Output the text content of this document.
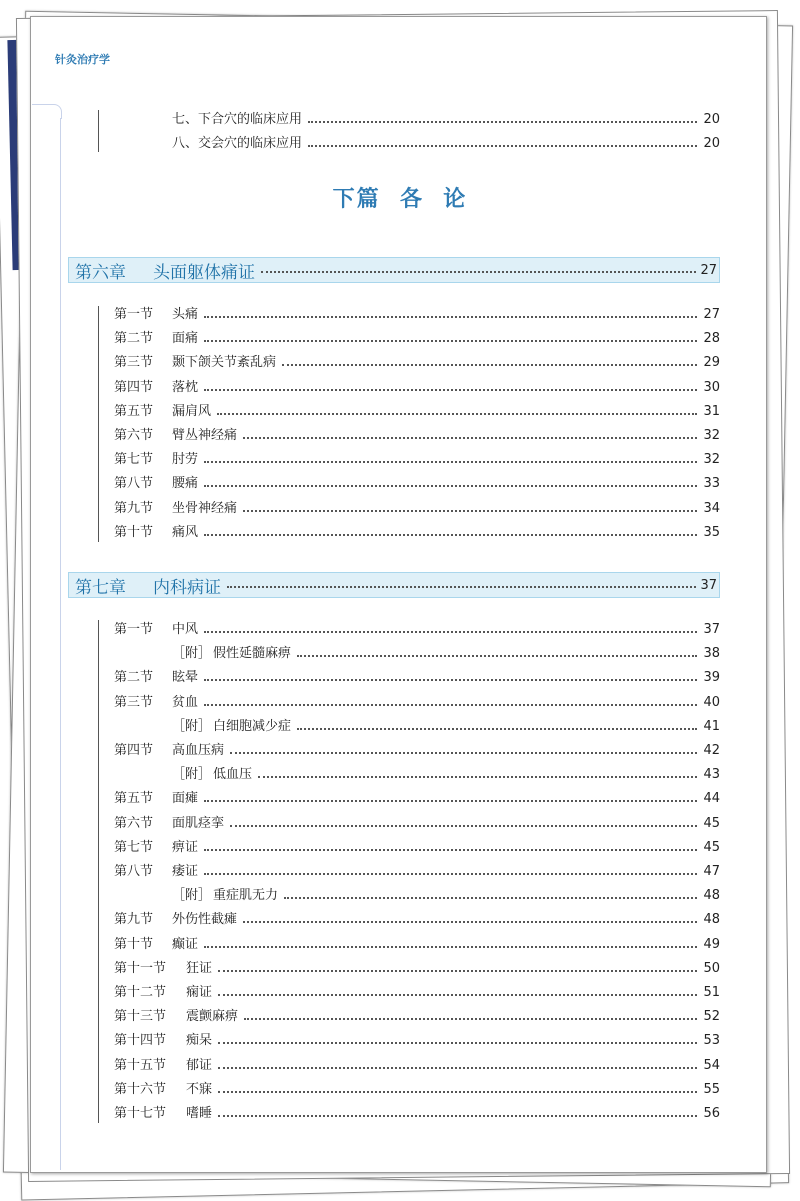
针灸治疗学
七、下合穴的临床应用	20
八、交会穴的临床应用	20
下篇  各  论
第六章	头面躯体痛证	27
第一节	头痛	27
第二节	面痛	28
第三节	颞下颌关节紊乱病	29
第四节	落枕	30
第五节	漏肩风	31
第六节	臂丛神经痛	32
第七节	肘劳	32
第八节	腰痛	33
第九节	坐骨神经痛	34
第十节	痛风	35
第七章	内科病证	37
第一节	中风	37
［附］ 假性延髓麻痹	38
第二节	眩晕	39
第三节	贫血	40
［附］ 白细胞减少症	41
第四节	高血压病	42
［附］ 低血压	43
第五节	面瘫	44
第六节	面肌痉挛	45
第七节	痹证	45
第八节	痿证	47
［附］ 重症肌无力	48
第九节	外伤性截瘫	48
第十节	癫证	49
第十一节	狂证	50
第十二节	痫证	51
第十三节	震颤麻痹	52
第十四节	痴呆	53
第十五节	郁证	54
第十六节	不寐	55
第十七节	嗜睡	56
